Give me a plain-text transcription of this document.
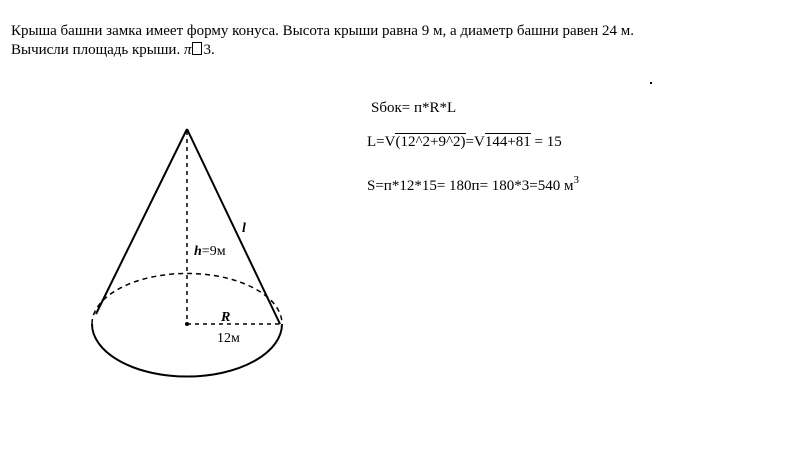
Крыша башни замка имеет форму конуса. Высота крыши равна 9 м, а диаметр башни равен 24 м.
Вычисли площадь крыши. π 3.
h=9м
l
R
12м
Sбок= п*R*L
L=V(12^2+9^2)=V144+81 = 15
S=п*12*15= 180п= 180*3=540 $м^3$
